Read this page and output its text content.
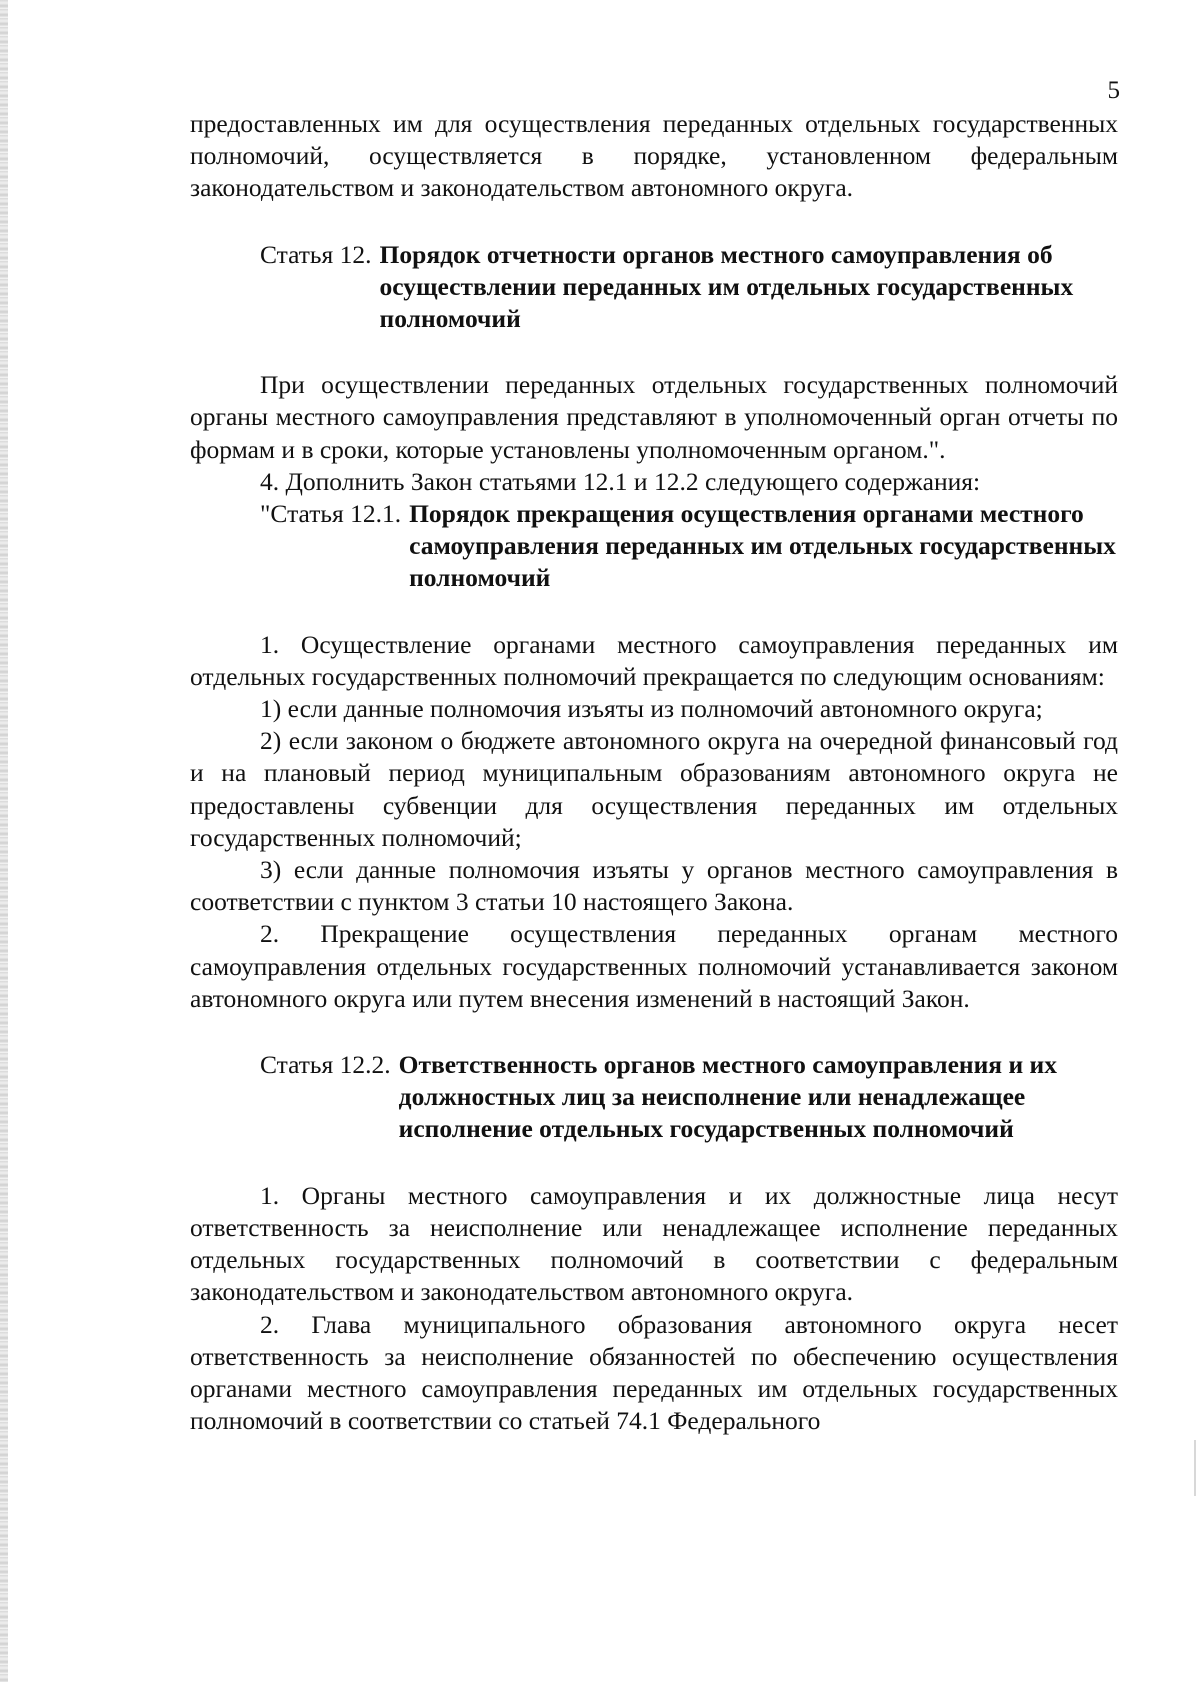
5

предоставленных им для осуществления переданных отдельных государственных полномочий, осуществляется в порядке, установленном федеральным законодательством и законодательством автономного округа.

Статья 12. Порядок отчетности органов местного самоуправления об осуществлении переданных им отдельных государственных полномочий

При осуществлении переданных отдельных государственных полномочий органы местного самоуправления представляют в уполномоченный орган отчеты по формам и в сроки, которые установлены уполномоченным органом.".

4. Дополнить Закон статьями 12.1 и 12.2 следующего содержания:

"Статья 12.1. Порядок прекращения осуществления органами местного самоуправления переданных им отдельных государственных полномочий

1. Осуществление органами местного самоуправления переданных им отдельных государственных полномочий прекращается по следующим основаниям:

1) если данные полномочия изъяты из полномочий автономного округа;

2) если законом о бюджете автономного округа на очередной финансовый год и на плановый период муниципальным образованиям автономного округа не предоставлены субвенции для осуществления переданных им отдельных государственных полномочий;

3) если данные полномочия изъяты у органов местного самоуправления в соответствии с пунктом 3 статьи 10 настоящего Закона.

2. Прекращение осуществления переданных органам местного самоуправления отдельных государственных полномочий устанавливается законом автономного округа или путем внесения изменений в настоящий Закон.

Статья 12.2. Ответственность органов местного самоуправления и их должностных лиц за неисполнение или ненадлежащее исполнение отдельных государственных полномочий

1. Органы местного самоуправления и их должностные лица несут ответственность за неисполнение или ненадлежащее исполнение переданных отдельных государственных полномочий в соответствии с федеральным законодательством и законодательством автономного округа.

2. Глава муниципального образования автономного округа несет ответственность за неисполнение обязанностей по обеспечению осуществления органами местного самоуправления переданных им отдельных государственных полномочий в соответствии со статьей 74.1 Федерального
